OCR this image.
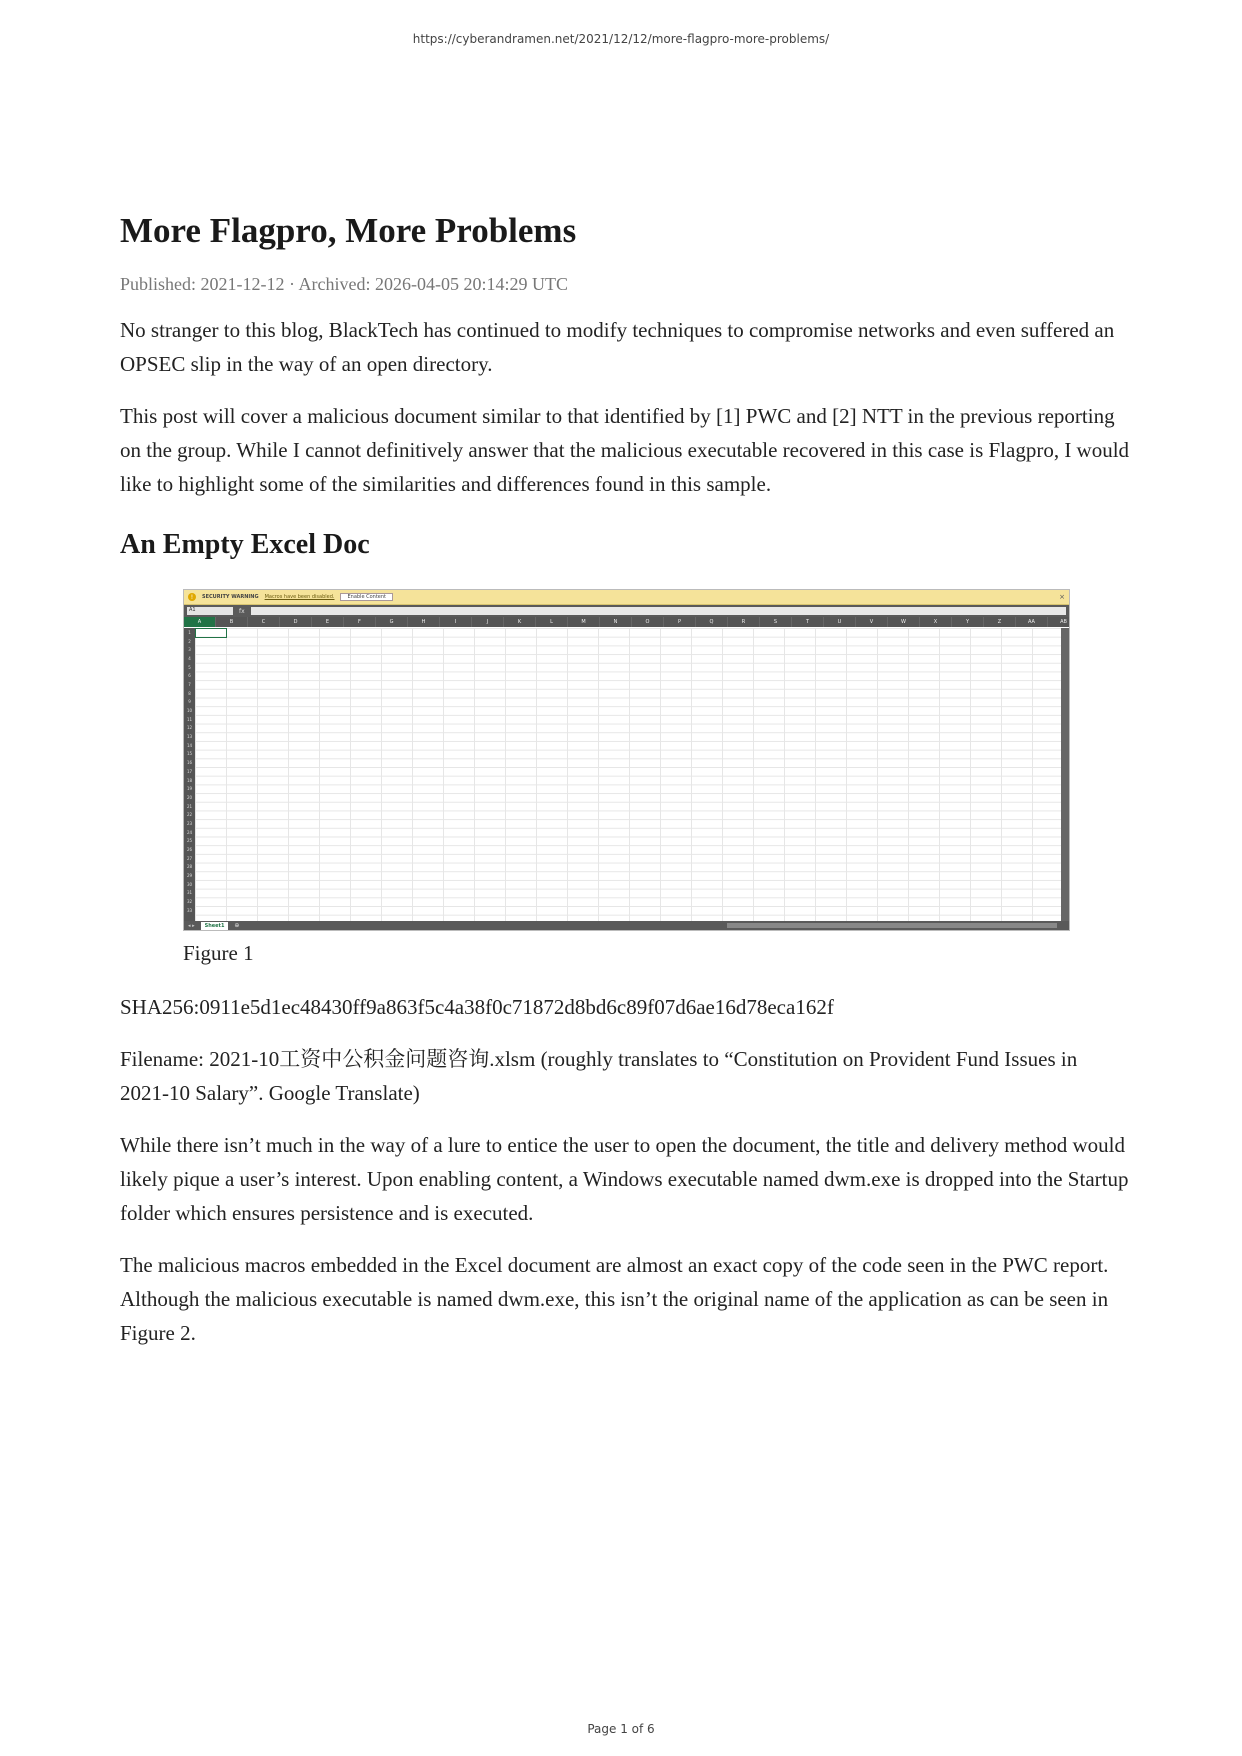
https://cyberandramen.net/2021/12/12/more-flagpro-more-problems/
More Flagpro, More Problems
Published: 2021-12-12 · Archived: 2026-04-05 20:14:29 UTC

No stranger to this blog, BlackTech has continued to modify techniques to compromise networks and even suffered an OPSEC slip in the way of an open directory.

This post will cover a malicious document similar to that identified by [1] PWC and [2] NTT in the previous reporting on the group. While I cannot definitively answer that the malicious executable recovered in this case is Flagpro, I would like to highlight some of the similarities and differences found in this sample.

An Empty Excel Doc
!	SECURITY WARNING Macros have been disabled.	Enable Content	×
A1	fx
A	B	C	D	E	F	G	H	I	J	K	L	M	N	O	P	Q	R	S	T	U	V	W	X	Y	Z	AA	AB
1
2
3
4
5
6
7
8
9
10
11
12
13
14
15
16
17
18
19
20
21
22
23
24
25
26
27
28
29
30
31
32
33
◂ ▸	Sheet1	⊕
Figure 1

SHA256:0911e5d1ec48430ff9a863f5c4a38f0c71872d8bd6c89f07d6ae16d78eca162f

Filename: 2021-10工资中公积金问题咨询.xlsm (roughly translates to “Constitution on Provident Fund Issues in 2021-10 Salary”. Google Translate)

While there isn’t much in the way of a lure to entice the user to open the document, the title and delivery method would likely pique a user’s interest. Upon enabling content, a Windows executable named dwm.exe is dropped into the Startup folder which ensures persistence and is executed.

The malicious macros embedded in the Excel document are almost an exact copy of the code seen in the PWC report. Although the malicious executable is named dwm.exe, this isn’t the original name of the application as can be seen in Figure 2.

Page 1 of 6
